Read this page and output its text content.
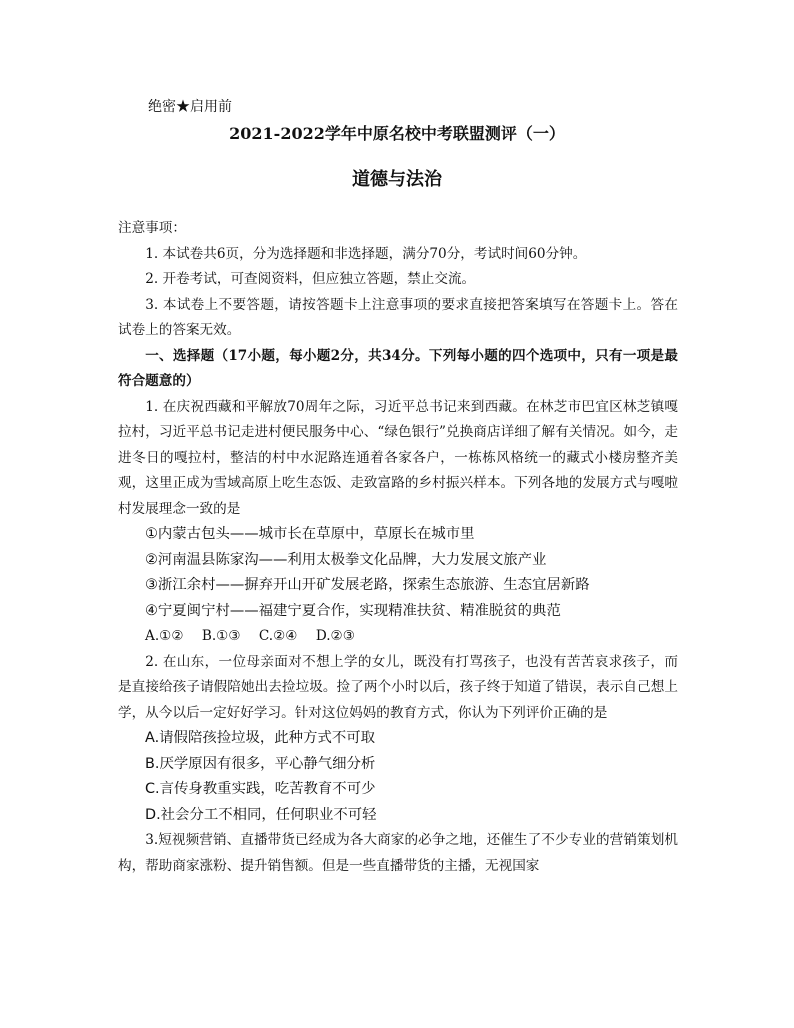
绝密★启用前
2021-2022学年中原名校中考联盟测评（一）
道德与法治

注意事项：

1. 本试卷共6页，分为选择题和非选择题，满分70分，考试时间60分钟。

2. 开卷考试，可查阅资料，但应独立答题，禁止交流。

3. 本试卷上不要答题，请按答题卡上注意事项的要求直接把答案填写在答题卡上。答在试卷上的答案无效。

一、选择题（17小题，每小题2分，共34分。下列每小题的四个选项中，只有一项是最符合题意的）

1. 在庆祝西藏和平解放70周年之际，习近平总书记来到西藏。在林芝市巴宜区林芝镇嘎拉村，习近平总书记走进村便民服务中心、“绿色银行”兑换商店详细了解有关情况。如今，走进冬日的嘎拉村，整洁的村中水泥路连通着各家各户，一栋栋风格统一的藏式小楼房整齐美观，这里正成为雪域高原上吃生态饭、走致富路的乡村振兴样本。下列各地的发展方式与嘎啦村发展理念一致的是

①内蒙古包头——城市长在草原中，草原长在城市里

②河南温县陈家沟——利用太极拳文化品牌，大力发展文旅产业

③浙江余村——摒弃开山开矿发展老路，探索生态旅游、生态宜居新路

④宁夏闽宁村——福建宁夏合作，实现精准扶贫、精准脱贫的典范

A.①② B.①③ C.②④ D.②③

2. 在山东，一位母亲面对不想上学的女儿，既没有打骂孩子，也没有苦苦哀求孩子，而是直接给孩子请假陪她出去捡垃圾。捡了两个小时以后，孩子终于知道了错误，表示自己想上学，从今以后一定好好学习。针对这位妈妈的教育方式，你认为下列评价正确的是

A.请假陪孩捡垃圾，此种方式不可取

B.厌学原因有很多，平心静气细分析

C.言传身教重实践，吃苦教育不可少

D.社会分工不相同，任何职业不可轻

3.短视频营销、直播带货已经成为各大商家的必争之地，还催生了不少专业的营销策划机构，帮助商家涨粉、提升销售额。但是一些直播带货的主播，无视国家
